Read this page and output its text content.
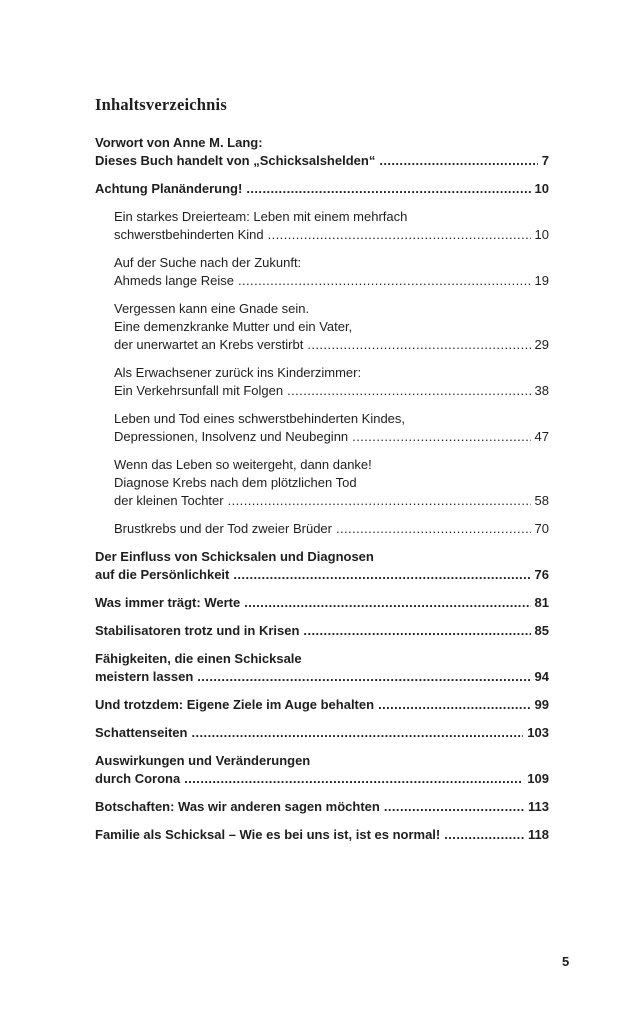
Inhaltsverzeichnis
Vorwort von Anne M. Lang:
Dieses Buch handelt von „Schicksalshelden“ . . .	7
Achtung Planänderung! . . .	10
Ein starkes Dreierteam: Leben mit einem mehrfach
schwerstbehinderten Kind . . .	10
Auf der Suche nach der Zukunft:
Ahmeds lange Reise . . .	19
Vergessen kann eine Gnade sein.
Eine demenzkranke Mutter und ein Vater,
der unerwartet an Krebs verstirbt . . .	29
Als Erwachsener zurück ins Kinderzimmer:
Ein Verkehrsunfall mit Folgen . . .	38
Leben und Tod eines schwerstbehinderten Kindes,
Depressionen, Insolvenz und Neubeginn . . .	47
Wenn das Leben so weitergeht, dann danke!
Diagnose Krebs nach dem plötzlichen Tod
der kleinen Tochter . . .	58
Brustkrebs und der Tod zweier Brüder . . .	70
Der Einfluss von Schicksalen und Diagnosen
auf die Persönlichkeit . . .	76
Was immer trägt: Werte . . .	81
Stabilisatoren trotz und in Krisen . . .	85
Fähigkeiten, die einen Schicksale
meistern lassen . . .	94
Und trotzdem: Eigene Ziele im Auge behalten . . .	99
Schattenseiten . . .	103
Auswirkungen und Veränderungen
durch Corona . . .	109
Botschaften: Was wir anderen sagen möchten . . .	113
Familie als Schicksal – Wie es bei uns ist, ist es normal! . . .	118
5
